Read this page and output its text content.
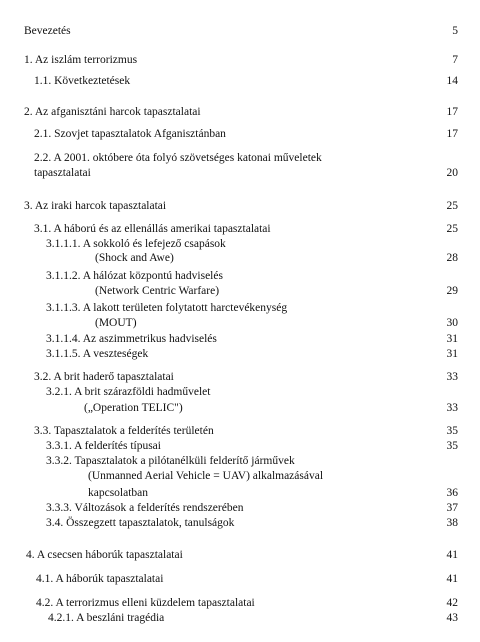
Bevezetés	5
1. Az iszlám terrorizmus	7
1.1. Következtetések	14
2. Az afganisztáni harcok tapasztalatai	17
2.1. Szovjet tapasztalatok Afganisztánban	17
2.2. A 2001. októbere óta folyó szövetséges katonai műveletek
tapasztalatai	20
3. Az iraki harcok tapasztalatai	25
3.1. A háború és az ellenállás amerikai tapasztalatai	25
3.1.1.1. A sokkoló és lefejező csapások
(Shock and Awe)	28
3.1.1.2. A hálózat központú hadviselés
(Network Centric Warfare)	29
3.1.1.3. A lakott területen folytatott harctevékenység
(MOUT)	30
3.1.1.4. Az aszimmetrikus hadviselés	31
3.1.1.5. A veszteségek	31
3.2. A brit haderő tapasztalatai	33
3.2.1. A brit szárazföldi hadművelet
(„Operation TELIC")	33
3.3. Tapasztalatok a felderítés területén	35
3.3.1. A felderítés típusai	35
3.3.2. Tapasztalatok a pilótanélküli felderítő járművek
(Unmanned Aerial Vehicle = UAV) alkalmazásával
kapcsolatban	36
3.3.3. Változások a felderítés rendszerében	37
3.4. Összegzett tapasztalatok, tanulságok	38
4. A csecsen háborúk tapasztalatai	41
4.1. A háborúk tapasztalatai	41
4.2. A terrorizmus elleni küzdelem tapasztalatai	42
4.2.1. A beszláni tragédia	43
